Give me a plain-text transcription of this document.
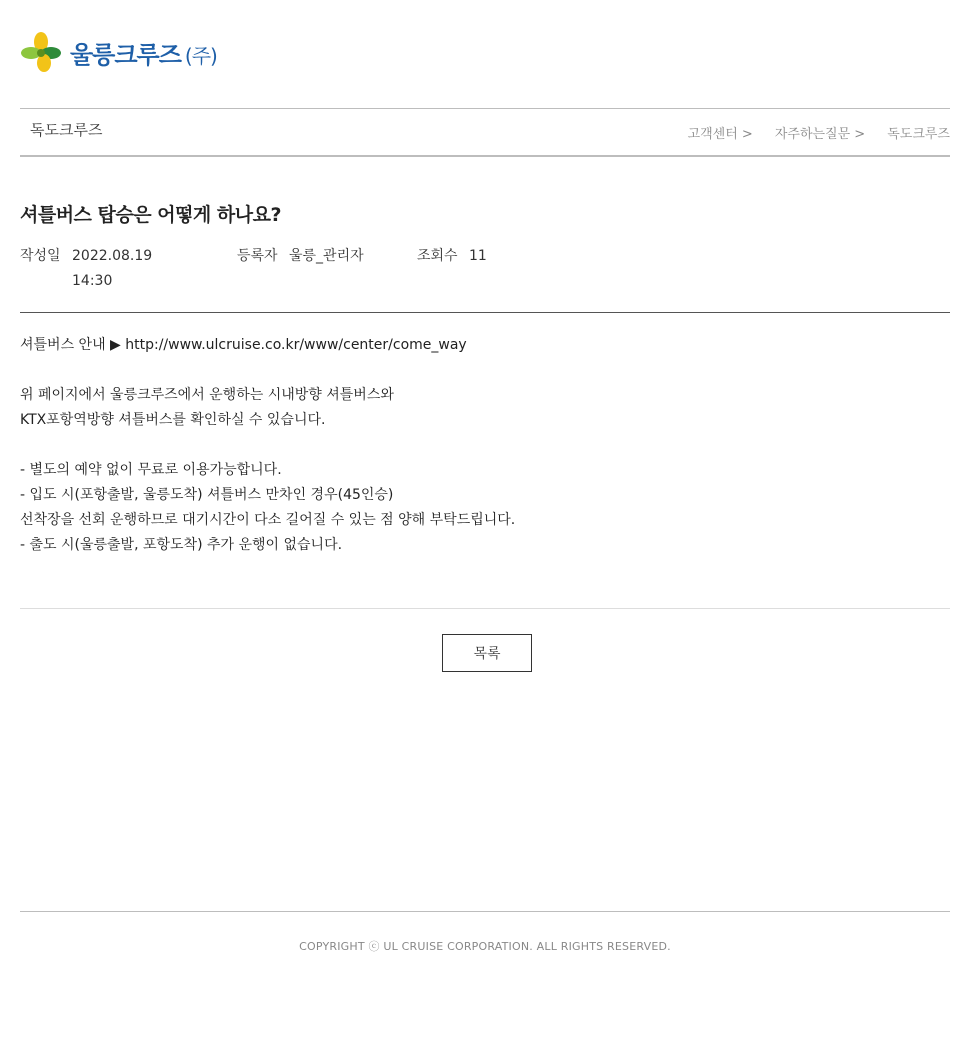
울릉크루즈 (주)
독도크루즈	고객센터 > 자주하는질문 > 독도크루즈
셔틀버스 탑승은 어떻게 하나요?
작성일 2022.08.19 14:30
등록자 울릉_관리자	조회수 11

셔틀버스 안내 ▶ http://www.ulcruise.co.kr/www/center/come_way

위 페이지에서 울릉크루즈에서 운행하는 시내방향 셔틀버스와

KTX포항역방향 셔틀버스를 확인하실 수 있습니다.

- 별도의 예약 없이 무료로 이용가능합니다.

- 입도 시(포항출발, 울릉도착) 셔틀버스 만차인 경우(45인승)

선착장을 선회 운행하므로 대기시간이 다소 길어질 수 있는 점 양해 부탁드립니다.

- 출도 시(울릉출발, 포항도착) 추가 운행이 없습니다.

목록
COPYRIGHT ⓒ UL CRUISE CORPORATION. ALL RIGHTS RESERVED.
